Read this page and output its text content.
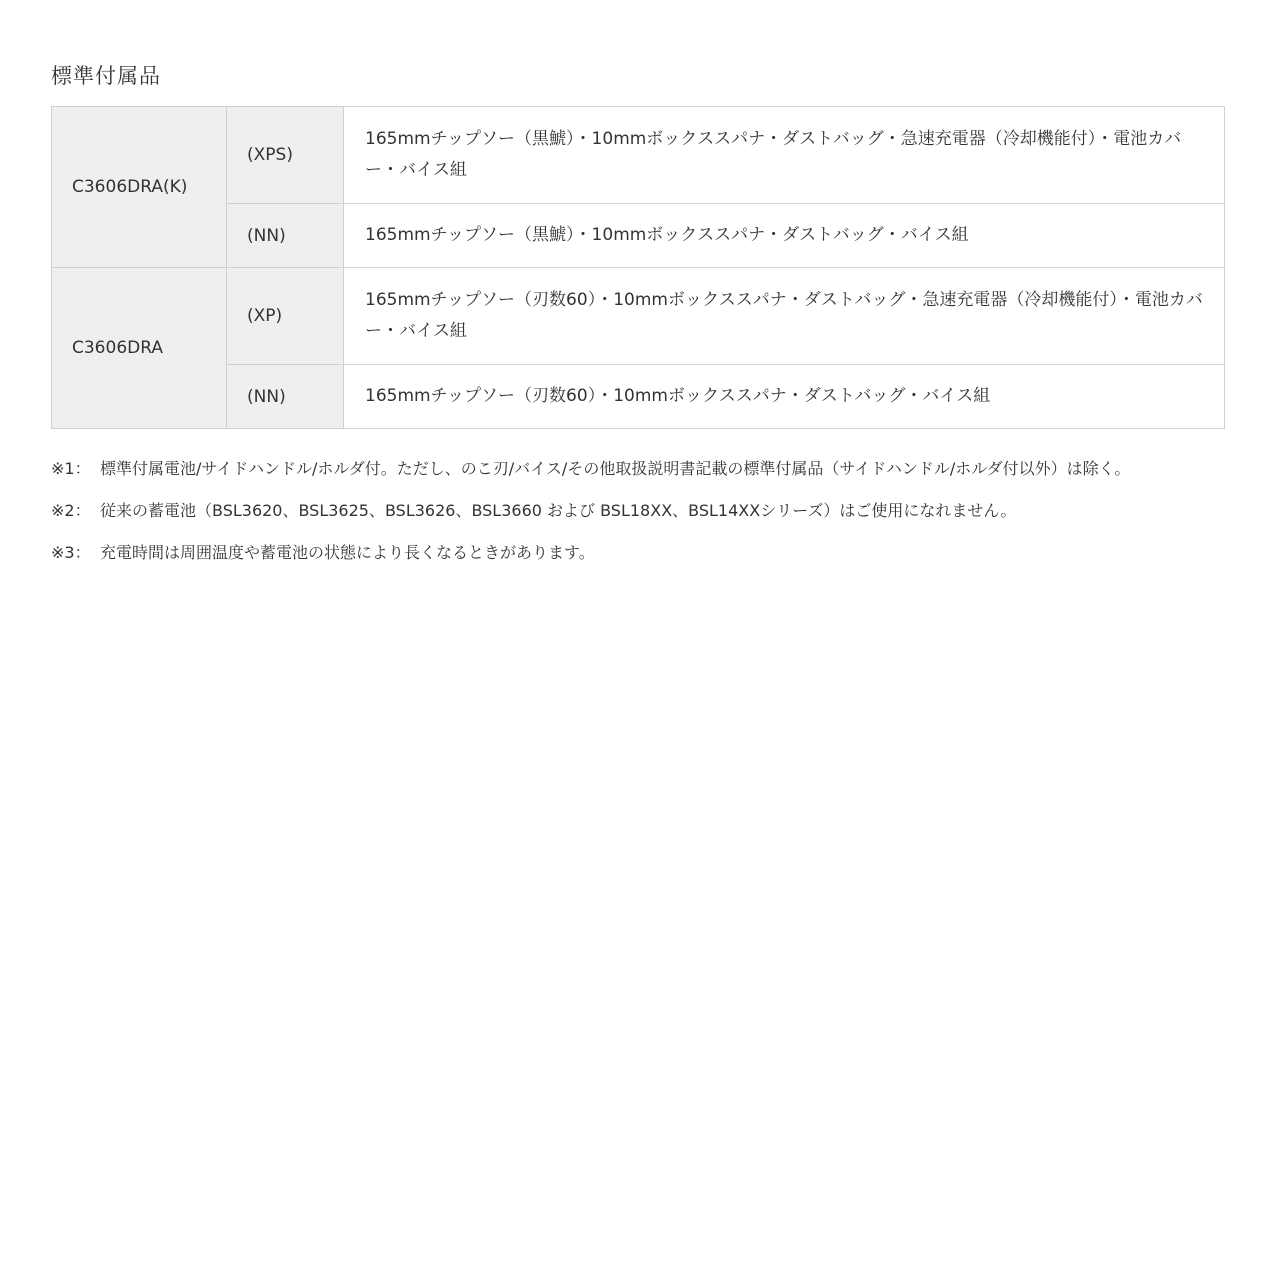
標準付属品
C3606DRA(K)	(XPS)	165mmチップソー（黒鯱）・10mmボックススパナ・ダストバッグ・急速充電器（冷却機能付）・電池カバー・バイス組
	(NN)	165mmチップソー（黒鯱）・10mmボックススパナ・ダストバッグ・バイス組
C3606DRA	(XP)	165mmチップソー（刃数60）・10mmボックススパナ・ダストバッグ・急速充電器（冷却機能付）・電池カバー・バイス組
	(NN)	165mmチップソー（刃数60）・10mmボックススパナ・ダストバッグ・バイス組
※1： 標準付属電池/サイドハンドル/ホルダ付。ただし、のこ刃/バイス/その他取扱説明書記載の標準付属品（サイドハンドル/ホルダ付以外）は除く。
※2： 従来の蓄電池（BSL3620、BSL3625、BSL3626、BSL3660 および BSL18XX、BSL14XXシリーズ）はご使用になれません。
※3： 充電時間は周囲温度や蓄電池の状態により長くなるときがあります。
